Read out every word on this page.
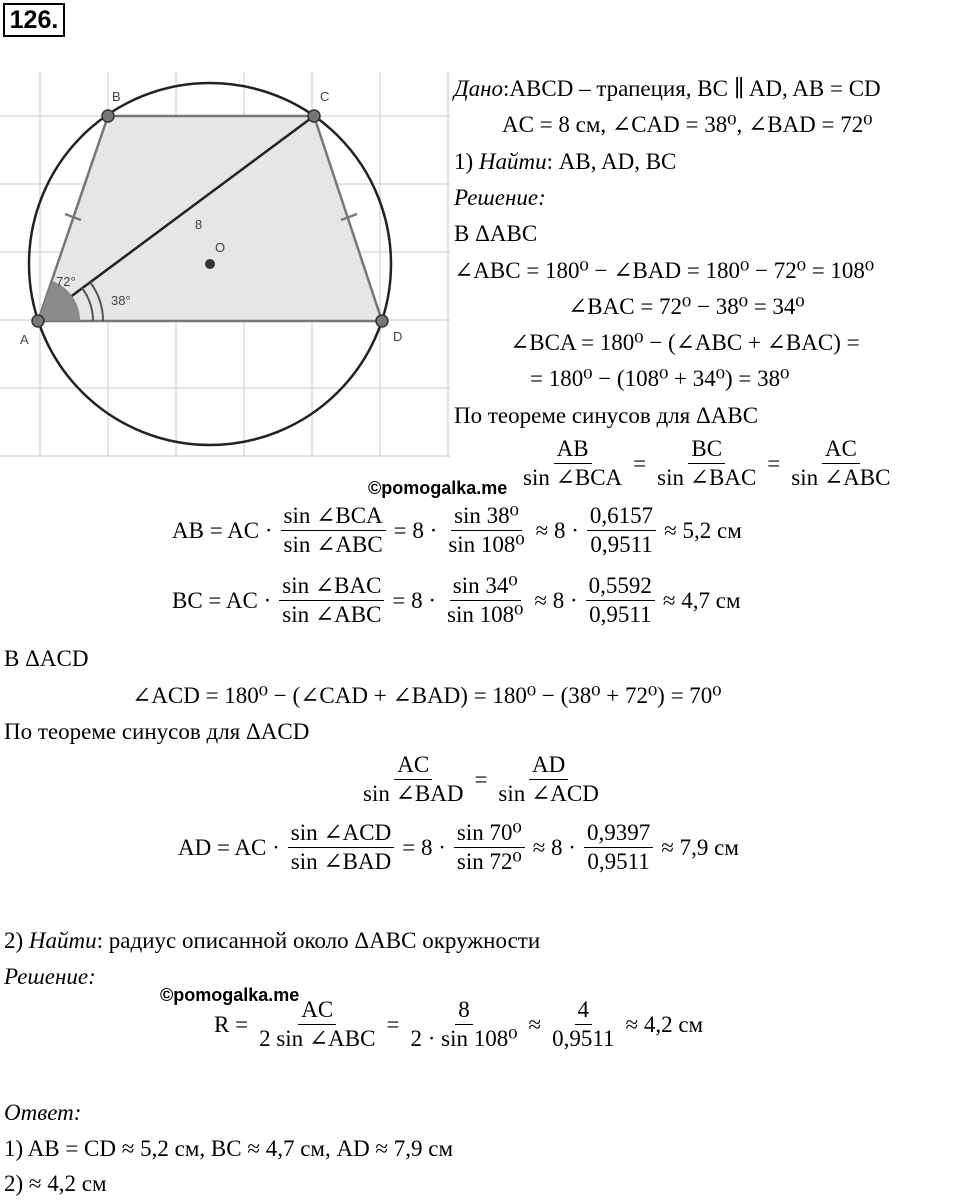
126.
B	C
A	D
O
8
72°
38°
Дано:ABCD – трапеция, BC ∥ AD, AB = CD
AC = 8 см, ∠CAD = 38⁰, ∠BAD = 72⁰
1) Найти: AB, AD, BC
Решение:
В ΔABC
∠ABC = 180⁰ − ∠BAD = 180⁰ − 72⁰ = 108⁰
∠BAC = 72⁰ − 38⁰ = 34⁰
∠BCA = 180⁰ − (∠ABC + ∠BAC) =
= 180⁰ − (108⁰ + 34⁰) = 38⁰
По теореме синусов для ΔABC
$\frac{AB}{\text{sin ∠BCA}} = \frac{BC}{\text{sin ∠BAC}} = \frac{AC}{\text{sin ∠ABC}}$
©pomogalka.me
AB = AC · $\frac{\text{sin ∠BCA}}{\text{sin ∠ABC}} = 8 \cdot \frac{\text{sin 38⁰}}{\text{sin 108⁰}} \approx 8 \cdot \frac{0,6157}{0,9511} \approx 5,2$ см
BC = AC · $\frac{\text{sin ∠BAC}}{\text{sin ∠ABC}} = 8 \cdot \frac{\text{sin 34⁰}}{\text{sin 108⁰}} \approx 8 \cdot \frac{0,5592}{0,9511} \approx 4,7$ см
В ΔACD
∠ACD = 180⁰ − (∠CAD + ∠BAD) = 180⁰ − (38⁰ + 72⁰) = 70⁰
По теореме синусов для ΔACD
$\frac{AC}{\text{sin ∠BAD}} = \frac{AD}{\text{sin ∠ACD}}$
AD = AC · $\frac{\text{sin ∠ACD}}{\text{sin ∠BAD}} = 8 \cdot \frac{\text{sin 70⁰}}{\text{sin 72⁰}} \approx 8 \cdot \frac{0,9397}{0,9511} \approx 7,9$ см
2) Найти: радиус описанной около ΔABC окружности
Решение:
©pomogalka.me
$R = \frac{AC}{\text{2 sin ∠ABC}} = \frac{8}{\text{2 · sin 108⁰}} \approx \frac{4}{0,9511} \approx 4,2$ см
Ответ:
1) AB = CD ≈ 5,2 см, BC ≈ 4,7 см, AD ≈ 7,9 см
2) ≈ 4,2 см
